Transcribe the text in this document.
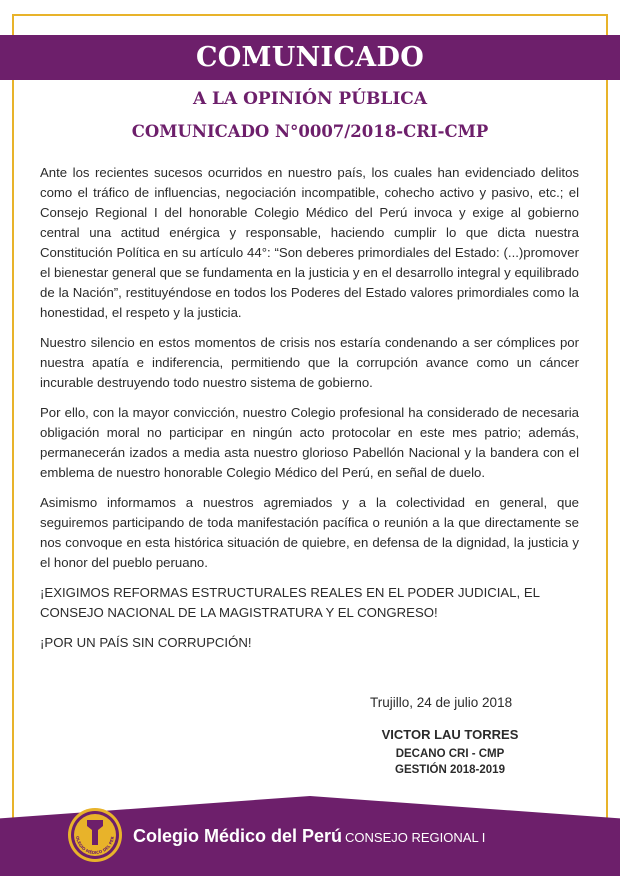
COMUNICADO
A LA OPINIÓN PÚBLICA
COMUNICADO N°0007/2018-CRI-CMP

Ante los recientes sucesos ocurridos en nuestro país, los cuales han evidenciado delitos como el tráfico de influencias, negociación incompatible, cohecho activo y pasivo, etc.; el Consejo Regional I del honorable Colegio Médico del Perú invoca y exige al gobierno central una actitud enérgica y responsable, haciendo cumplir lo que dicta nuestra Constitución Política en su artículo 44°: “Son deberes primordiales del Estado: (...)promover el bienestar general que se fundamenta en la justicia y en el desarrollo integral y equilibrado de la Nación”, restituyéndose en todos los Poderes del Estado valores primordiales como la honestidad, el respeto y la justicia.

Nuestro silencio en estos momentos de crisis nos estaría condenando a ser cómplices por nuestra apatía e indiferencia, permitiendo que la corrupción avance como un cáncer incurable destruyendo todo nuestro sistema de gobierno.

Por ello, con la mayor convicción, nuestro Colegio profesional ha considerado de necesaria obligación moral no participar en ningún acto protocolar en este mes patrio; además, permanecerán izados a media asta nuestro glorioso Pabellón Nacional y la bandera con el emblema de nuestro honorable Colegio Médico del Perú, en señal de duelo.

Asimismo informamos a nuestros agremiados y a la colectividad en general, que seguiremos participando de toda manifestación pacífica o reunión a la que directamente se nos convoque en esta histórica situación de quiebre, en defensa de la dignidad, la justicia y el honor del pueblo peruano.

¡EXIGIMOS REFORMAS ESTRUCTURALES REALES EN EL PODER JUDICIAL, EL CONSEJO NACIONAL DE LA MAGISTRATURA Y EL CONGRESO!

¡POR UN PAÍS SIN CORRUPCIÓN!

Trujillo, 24 de julio 2018
VICTOR LAU TORRES
DECANO CRI - CMP
GESTIÓN 2018-2019
OLEGIO MÉDICO DEL PER Colegio Médico del Perú CONSEJO REGIONAL I
